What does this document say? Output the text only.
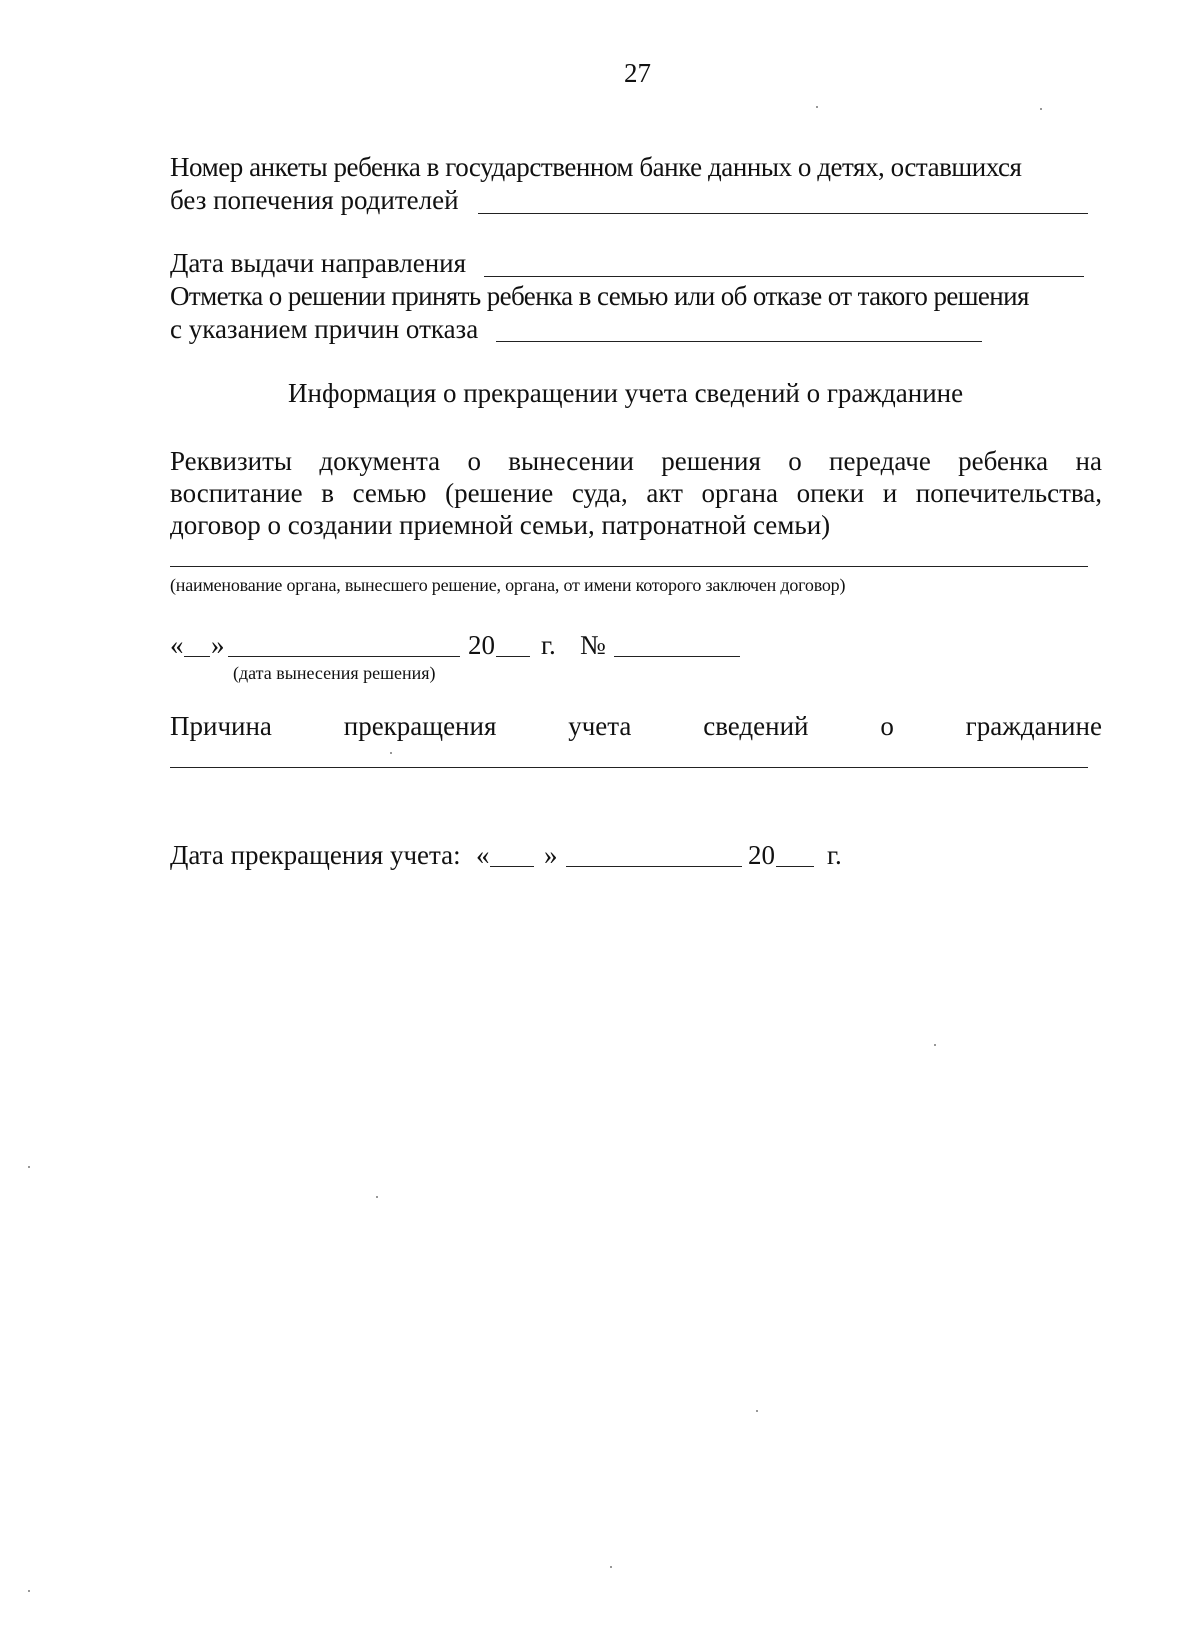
27
Номер анкеты ребенка в государственном банке данных о детях, оставшихся
без попечения родителей
Дата выдачи направления
Отметка о решении принять ребенка в семью или об отказе от такого решения
с указанием причин отказа
Информация о прекращении учета сведений о гражданине
Реквизиты документа о вынесении решения о передаче ребенка на
воспитание в семью (решение суда, акт органа опеки и попечительства,
договор о создании приемной семьи, патронатной семьи)
(наименование органа, вынесшего решение, органа, от имени которого заключен договор)
« »	20 г. №
(дата вынесения решения)
Причина	прекращения	учета	сведений	о	гражданине
Дата прекращения учета: « »	20 г.
